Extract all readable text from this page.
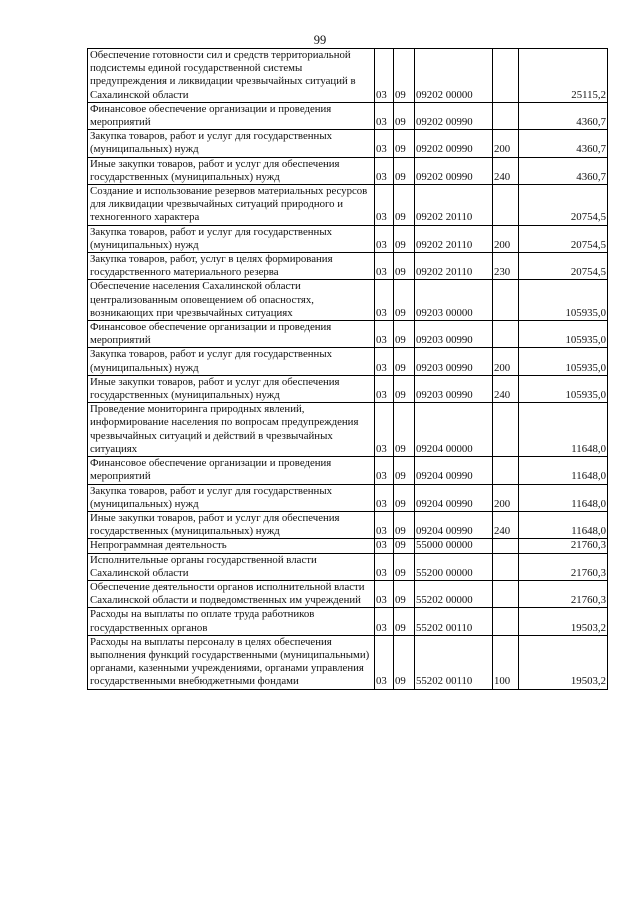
99
Обеспечение готовности сил и средств территориальной подсистемы единой государственной системы предупреждения и ликвидации чрезвычайных ситуаций в Сахалинской области	03	09	09202 00000		25115,2
Финансовое обеспечение организации и проведения мероприятий	03	09	09202 00990		4360,7
Закупка товаров, работ и услуг для государственных (муниципальных) нужд	03	09	09202 00990	200	4360,7
Иные закупки товаров, работ и услуг для обеспечения государственных (муниципальных) нужд	03	09	09202 00990	240	4360,7
Создание и использование резервов материальных ресурсов для ликвидации чрезвычайных ситуаций природного и техногенного характера	03	09	09202 20110		20754,5
Закупка товаров, работ и услуг для государственных (муниципальных) нужд	03	09	09202 20110	200	20754,5
Закупка товаров, работ, услуг в целях формирования государственного материального резерва	03	09	09202 20110	230	20754,5
Обеспечение населения Сахалинской области централизованным оповещением об опасностях, возникающих при чрезвычайных ситуациях	03	09	09203 00000		105935,0
Финансовое обеспечение организации и проведения мероприятий	03	09	09203 00990		105935,0
Закупка товаров, работ и услуг для государственных (муниципальных) нужд	03	09	09203 00990	200	105935,0
Иные закупки товаров, работ и услуг для обеспечения государственных (муниципальных) нужд	03	09	09203 00990	240	105935,0
Проведение мониторинга природных явлений, информирование населения по вопросам предупреждения чрезвычайных ситуаций и действий в чрезвычайных ситуациях	03	09	09204 00000		11648,0
Финансовое обеспечение организации и проведения мероприятий	03	09	09204 00990		11648,0
Закупка товаров, работ и услуг для государственных (муниципальных) нужд	03	09	09204 00990	200	11648,0
Иные закупки товаров, работ и услуг для обеспечения государственных (муниципальных) нужд	03	09	09204 00990	240	11648,0
Непрограммная деятельность	03	09	55000 00000		21760,3
Исполнительные органы государственной власти Сахалинской области	03	09	55200 00000		21760,3
Обеспечение деятельности органов исполнительной власти Сахалинской области и подведомственных им учреждений	03	09	55202 00000		21760,3
Расходы на выплаты по оплате труда работников государственных органов	03	09	55202 00110		19503,2
Расходы на выплаты персоналу в целях обеспечения выполнения функций государственными (муниципальными) органами, казенными учреждениями, органами управления государственными внебюджетными фондами	03	09	55202 00110	100	19503,2
